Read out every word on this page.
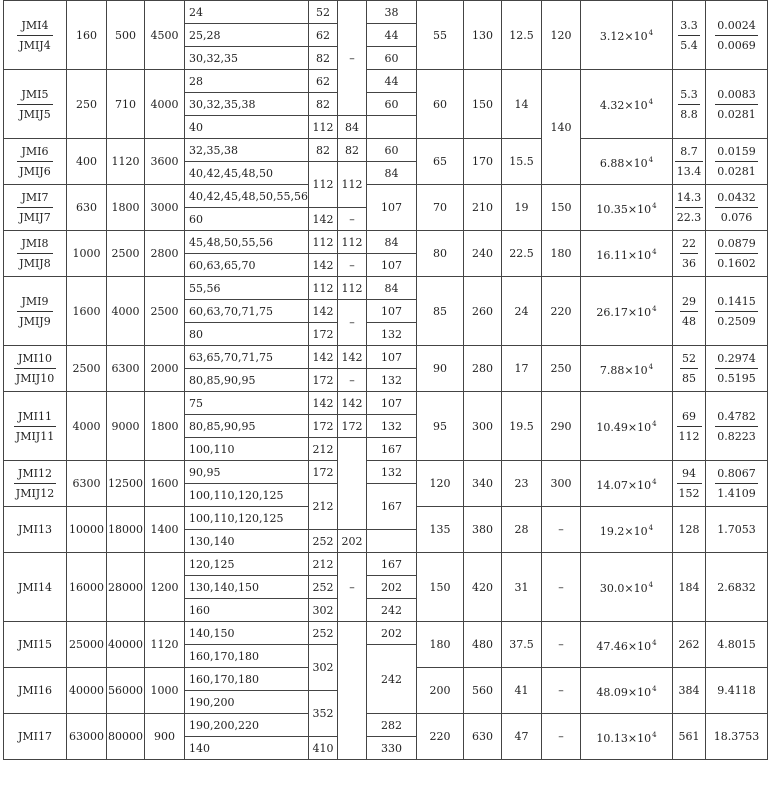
$\frac{\text{JMI4}}{\text{JMIJ4}}$	160	500	4500	24	52	–	38	55	130	12.5	120	$3.12\times 10^4$	$\frac{3.3}{5.4}$	$\frac{0.0024}{0.0069}$

				25,28	62		44							
				30,32,35	82		60							

$\frac{\text{JMI5}}{\text{JMIJ5}}$	250	710	4000	28	62		44	60	150	14	140	$4.32\times 10^4$	$\frac{5.3}{8.8}$	$\frac{0.0083}{0.0281}$

				30,32,35,38	82		60							
				40	112	84								

$\frac{\text{JMI6}}{\text{JMIJ6}}$	400	1120	3600	32,35,38	82	82	60	65	170	15.5		$6.88\times 10^4$	$\frac{8.7}{13.4}$	$\frac{0.0159}{0.0281}$

				40,42,45,48,50	112	112	84							

$\frac{\text{JMI7}}{\text{JMIJ7}}$	630	1800	3000	40,42,45,48,50,55,56			107	70	210	19	150	$10.35\times 10^4$	$\frac{14.3}{22.3}$	$\frac{0.0432}{0.076}$

				60	142	–								

$\frac{\text{JMI8}}{\text{JMIJ8}}$	1000	2500	2800	45,48,50,55,56	112	112	84	80	240	22.5	180	$16.11\times 10^4$	$\frac{22}{36}$	$\frac{0.0879}{0.1602}$

				60,63,65,70	142	–	107							

$\frac{\text{JMI9}}{\text{JMIJ9}}$	1600	4000	2500	55,56	112	112	84	85	260	24	220	$26.17\times 10^4$	$\frac{29}{48}$	$\frac{0.1415}{0.2509}$

				60,63,70,71,75	142	–	107							
				80	172		132							

$\frac{\text{JMI10}}{\text{JMIJ10}}$	2500	6300	2000	63,65,70,71,75	142	142	107	90	280	17	250	$7.88\times 10^4$	$\frac{52}{85}$	$\frac{0.2974}{0.5195}$

				80,85,90,95	172	–	132							

$\frac{\text{JMI11}}{\text{JMIJ11}}$	4000	9000	1800	75	142	142	107	95	300	19.5	290	$10.49\times 10^4$	$\frac{69}{112}$	$\frac{0.4782}{0.8223}$

				80,85,90,95	172	172	132							
				100,110	212		167							

$\frac{\text{JMI12}}{\text{JMIJ12}}$	6300	12500	1600	90,95	172		132	120	340	23	300	$14.07\times 10^4$	$\frac{94}{152}$	$\frac{0.8067}{1.4109}$

				100,110,120,125	212		167							
JMI13	10000	18000	1400	100,110,120,125				135	380	28	–	$19.2\times 10^4$	128	1.7053
				130,140	252	202								
JMI14	16000	28000	1200	120,125	212	–	167	150	420	31	–	$30.0\times 10^4$	184	2.6832
				130,140,150	252		202							
				160	302		242							
JMI15	25000	40000	1120	140,150	252		202	180	480	37.5	–	$47.46\times 10^4$	262	4.8015
				160,170,180	302		242							
JMI16	40000	56000	1000	160,170,180				200	560	41	–	$48.09\times 10^4$	384	9.4118
				190,200	352									
JMI17	63000	80000	900	190,200,220			282	220	630	47	–	$10.13\times 10^4$	561	18.3753
				140	410		330							
